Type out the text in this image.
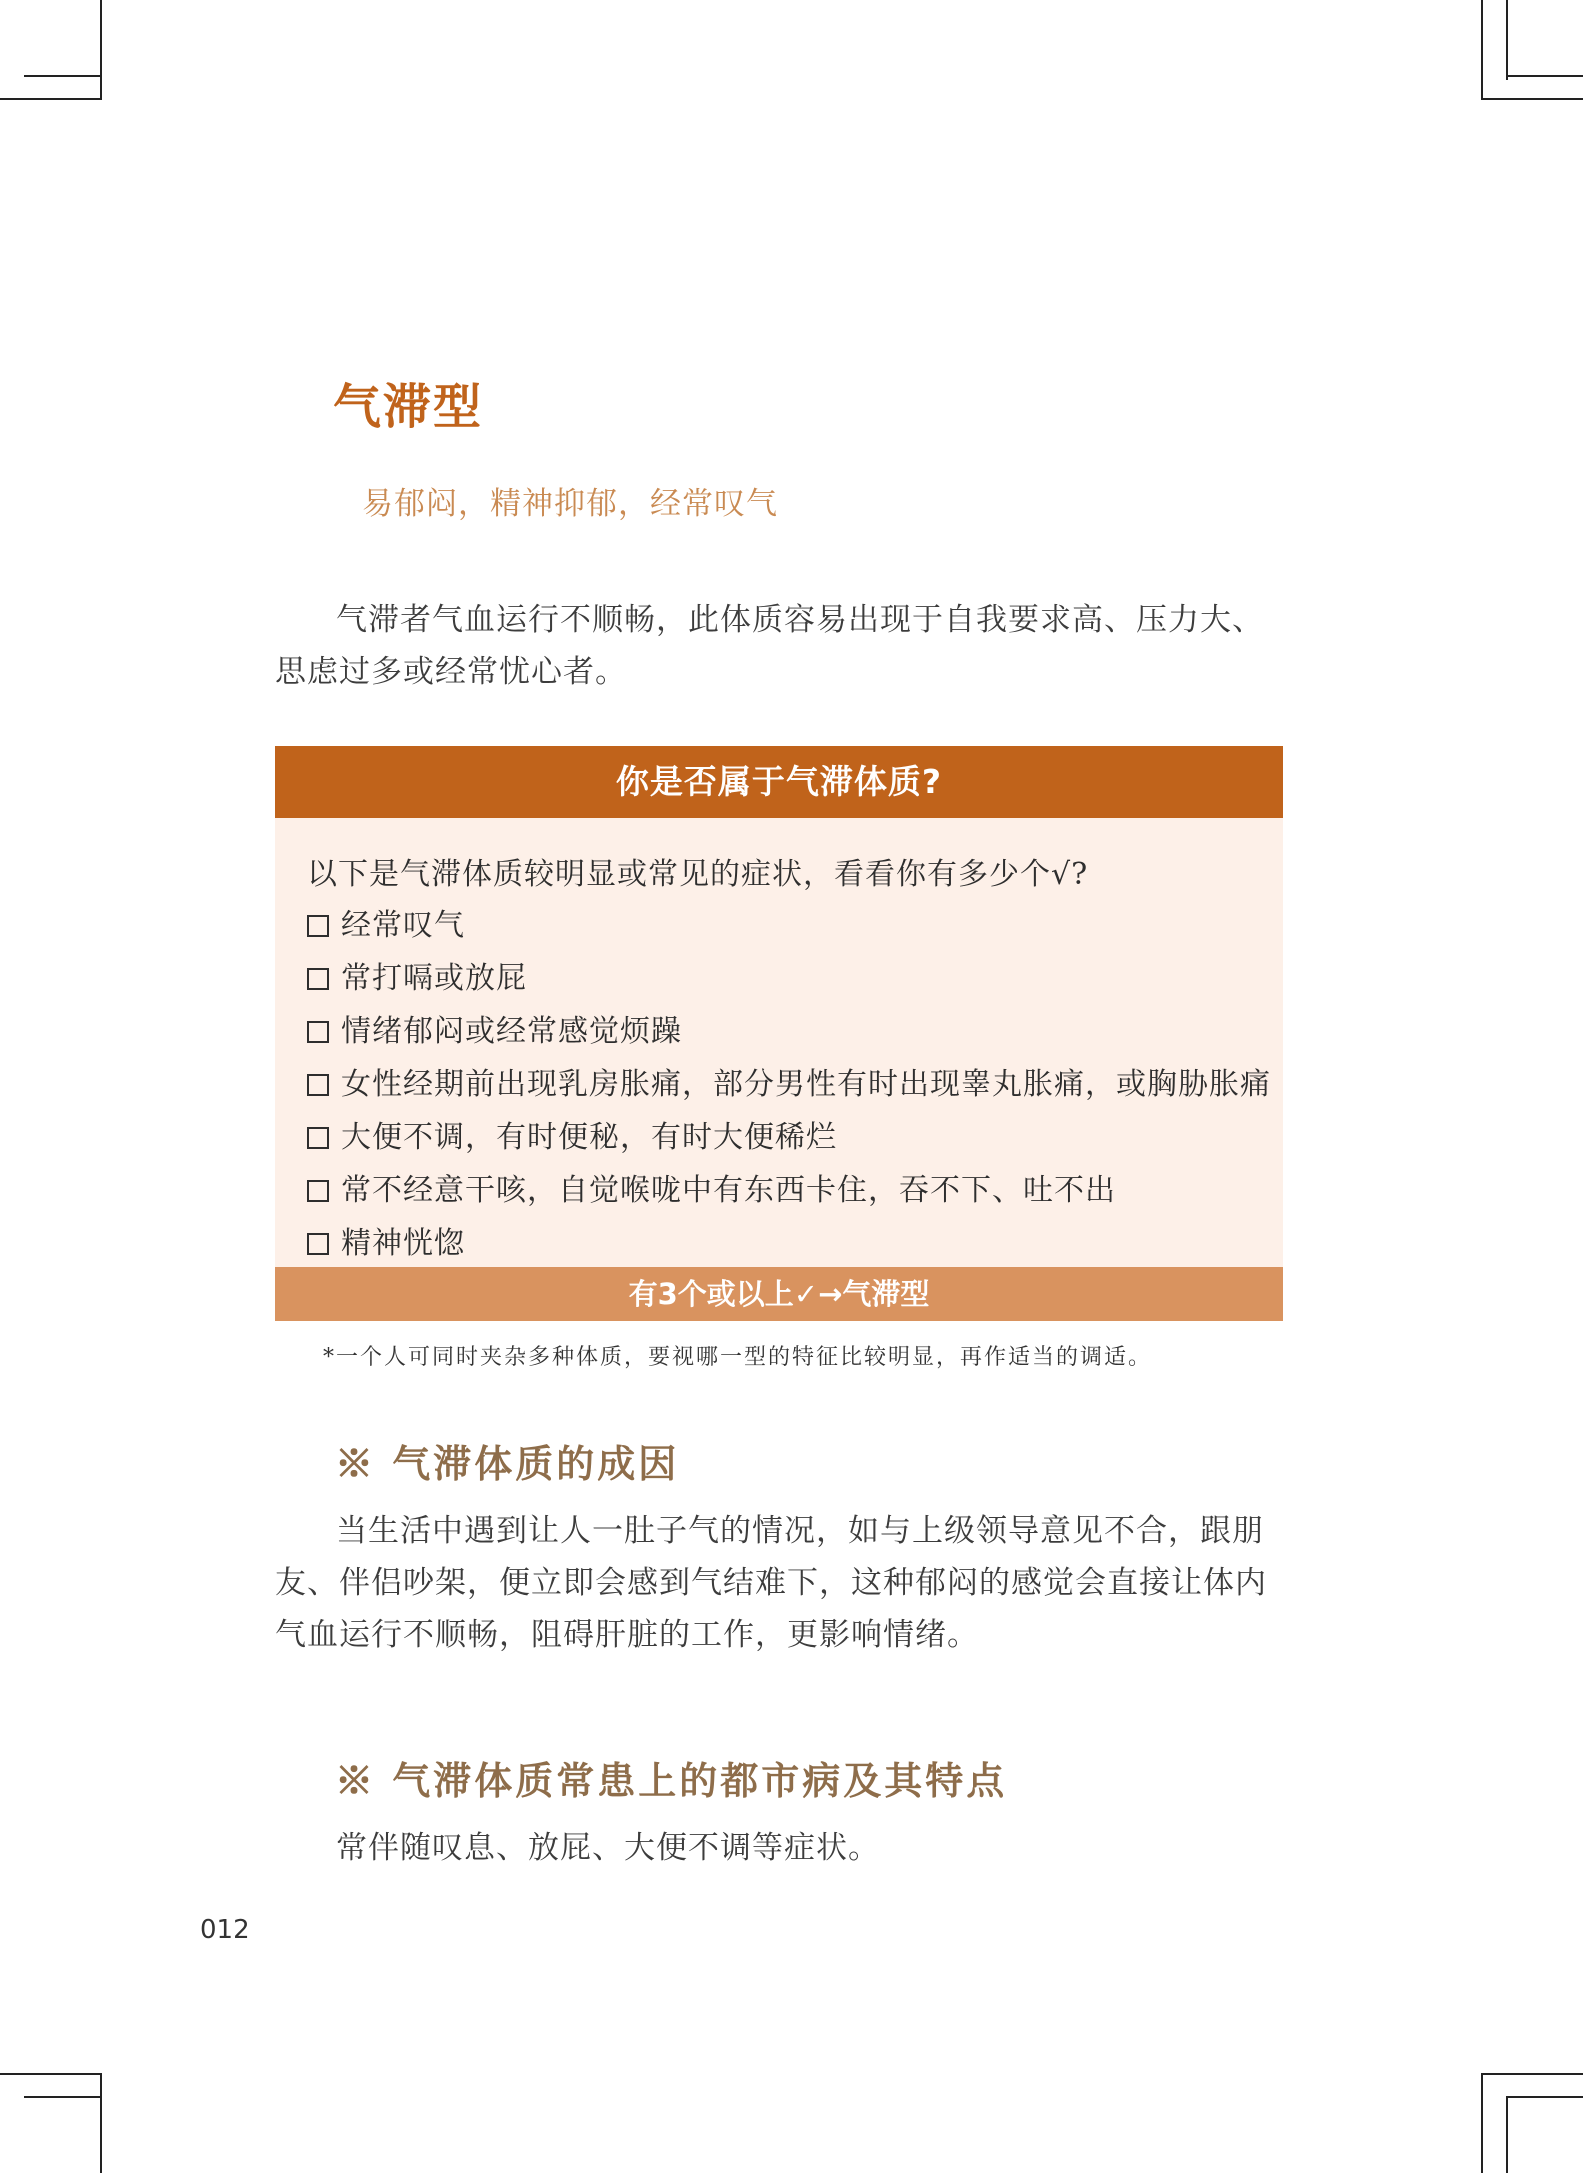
气滞型
易郁闷，精神抑郁，经常叹气

气滞者气血运行不顺畅，此体质容易出现于自我要求高、压力大、思虑过多或经常忧心者。

你是否属于气滞体质?
以下是气滞体质较明显或常见的症状，看看你有多少个√?
经常叹气
常打嗝或放屁
情绪郁闷或经常感觉烦躁
女性经期前出现乳房胀痛，部分男性有时出现睾丸胀痛，或胸胁胀痛
大便不调，有时便秘，有时大便稀烂
常不经意干咳，自觉喉咙中有东西卡住，吞不下、吐不出
精神恍惚
有3个或以上✓→气滞型
*一个人可同时夹杂多种体质，要视哪一型的特征比较明显，再作适当的调适。
※ 气滞体质的成因

当生活中遇到让人一肚子气的情况，如与上级领导意见不合，跟朋友、伴侣吵架，便立即会感到气结难下，这种郁闷的感觉会直接让体内气血运行不顺畅，阻碍肝脏的工作，更影响情绪。

※ 气滞体质常患上的都市病及其特点

常伴随叹息、放屁、大便不调等症状。

012
